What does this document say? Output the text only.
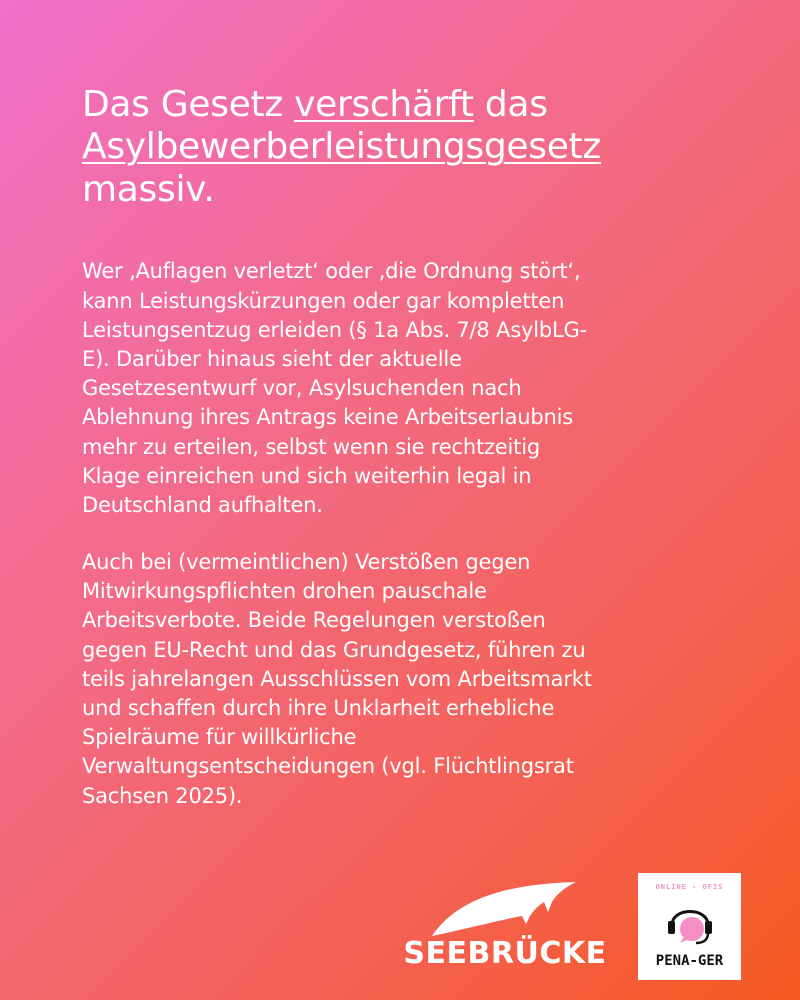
Das Gesetz verschärft das
Asylbewerberleistungsgesetz
massiv.

Wer ‚Auflagen verletzt‘ oder ‚die Ordnung stört‘,
kann Leistungskürzungen oder gar kompletten
Leistungsentzug erleiden (§ 1a Abs. 7/8 AsylbLG-
E). Darüber hinaus sieht der aktuelle
Gesetzesentwurf vor, Asylsuchenden nach
Ablehnung ihres Antrags keine Arbeitserlaubnis
mehr zu erteilen, selbst wenn sie rechtzeitig
Klage einreichen und sich weiterhin legal in
Deutschland aufhalten.

Auch bei (vermeintlichen) Verstößen gegen
Mitwirkungspflichten drohen pauschale
Arbeitsverbote. Beide Regelungen verstoßen
gegen EU-Recht und das Grundgesetz, führen zu
teils jahrelangen Ausschlüssen vom Arbeitsmarkt
und schaffen durch ihre Unklarheit erhebliche
Spielräume für willkürliche
Verwaltungsentscheidungen (vgl. Flüchtlingsrat
Sachsen 2025).

SEEBRÜCKE
ONLINE - OFIS
PENA-GER
